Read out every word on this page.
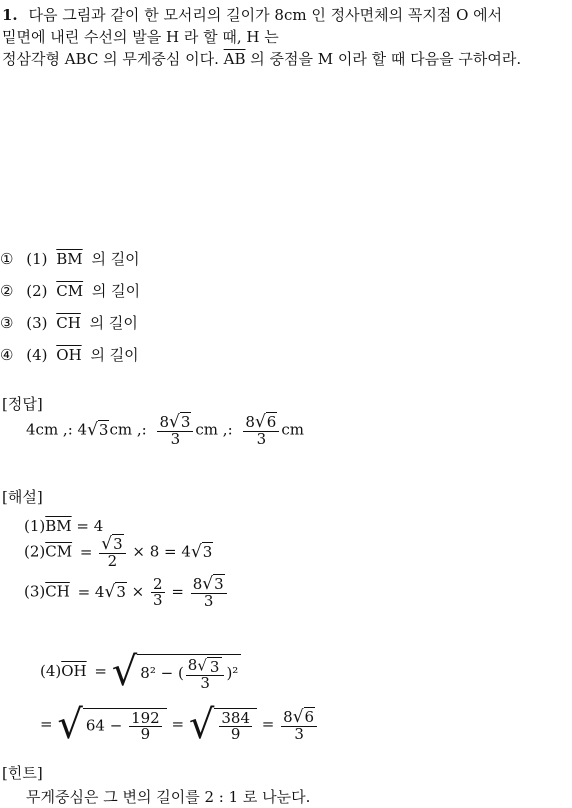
1. 다음 그림과 같이 한 모서리의 길이가 8cm 인 정사면체의 꼭지점 O 에서
밑면에 내린 수선의 발을 H 라 할 때, H 는
정삼각형 ABC 의 무게중심 이다. $\overline{AB}$ 의 중점을 M 이라 할 때 다음을 구하여라.
① (1) $\overline{BM}$ 의 길이
② (2) $\overline{CM}$ 의 길이
③ (3) $\overline{CH}$ 의 길이
④ (4) $\overline{OH}$ 의 길이
[정답]
4cm ,: 4√3cm ,: $\frac{8√3}{3}$ cm ,: $\frac{8√6}{3}$ cm
[해설]
$(1)\overline{BM} = 4$
$(2)\overline{CM} = \frac{√3}{2} \times 8 = 4√3$
$(3)\overline{CH} = 4√3 \times \frac{2}{3} = \frac{8√3}{3}$
$(4)\overline{OH}$ = √ 8² − ( $\frac{8√ 3}{3} )^2$
= √ $64 - \frac{192}{9}$ = √ $\frac{384}{9} = \frac{8√6}{3}$
[힌트]
무게중심은 그 변의 길이를 2 : 1 로 나눈다.
